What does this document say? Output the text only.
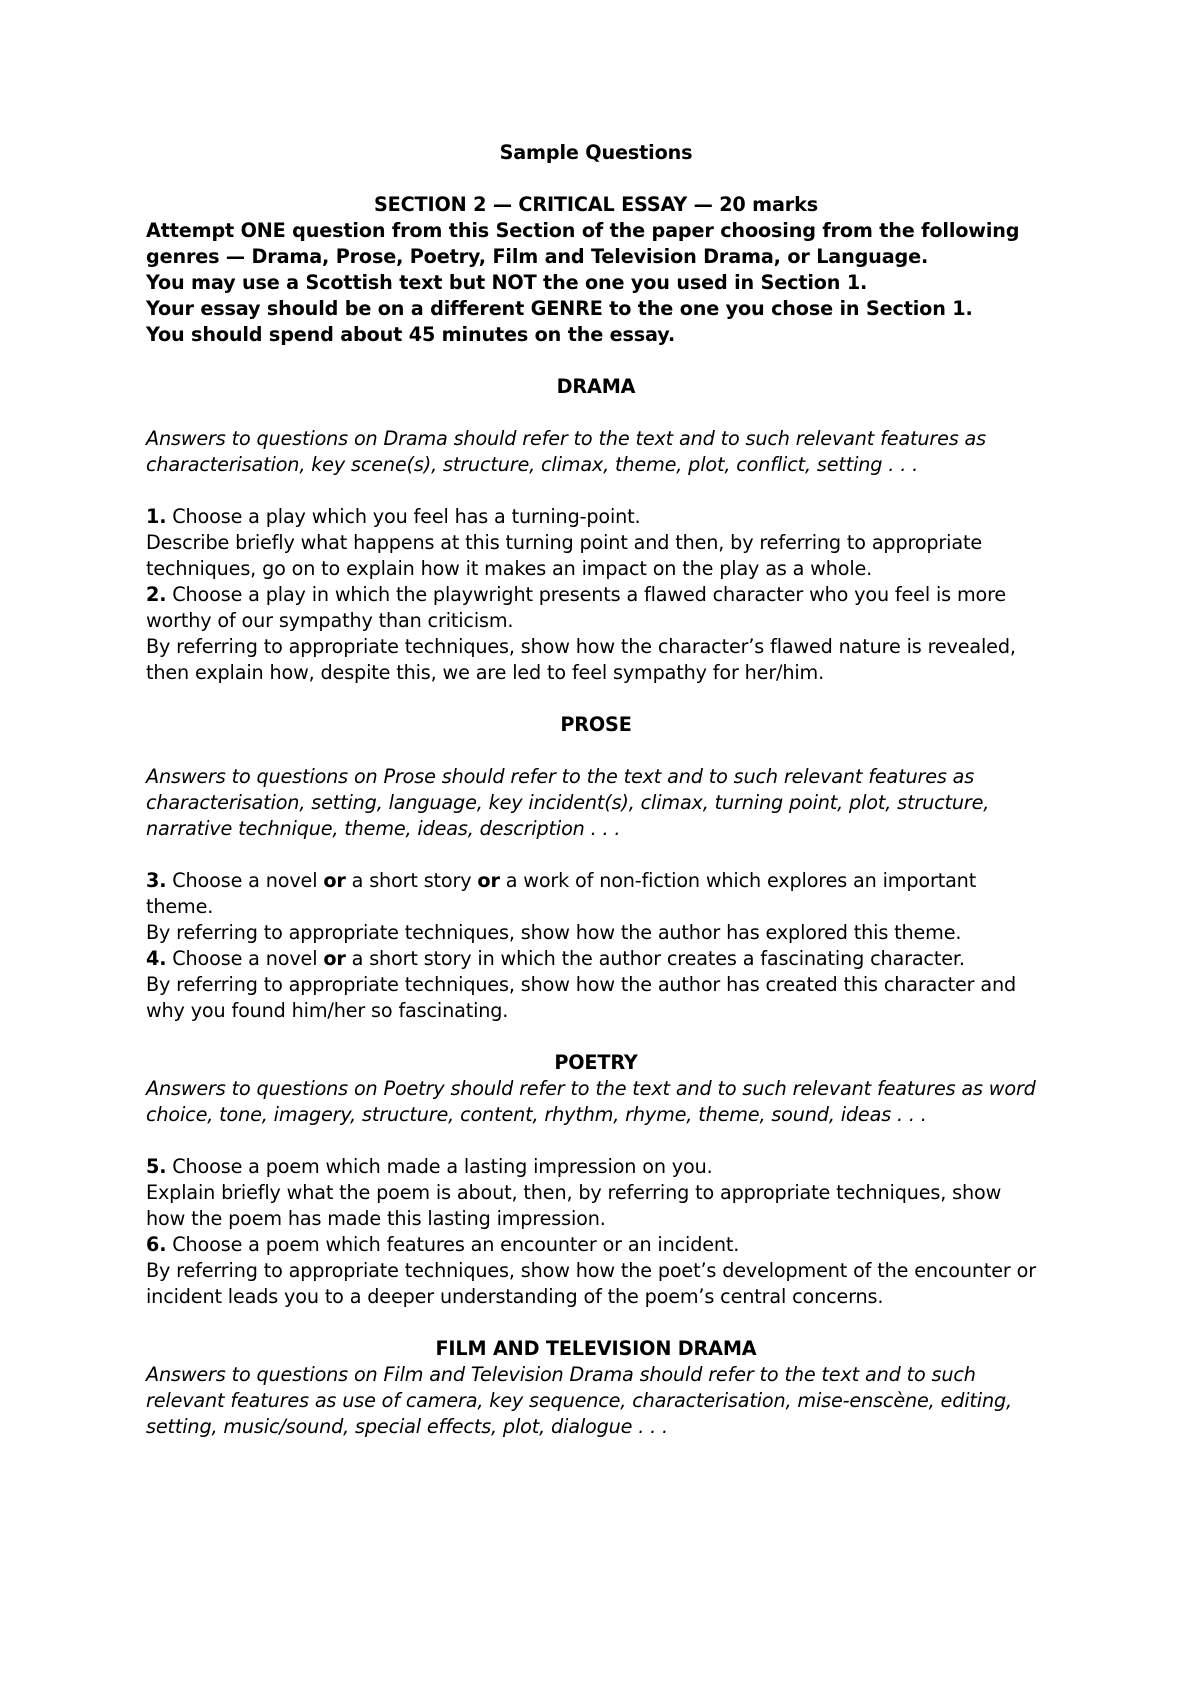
Sample Questions

SECTION 2 — CRITICAL ESSAY — 20 marks

Attempt ONE question from this Section of the paper choosing from the following

genres — Drama, Prose, Poetry, Film and Television Drama, or Language.

You may use a Scottish text but NOT the one you used in Section 1.

Your essay should be on a different GENRE to the one you chose in Section 1.

You should spend about 45 minutes on the essay.

DRAMA

Answers to questions on Drama should refer to the text and to such relevant features as characterisation, key scene(s), structure, climax, theme, plot, conflict, setting . . .

1. Choose a play which you feel has a turning-point.

Describe briefly what happens at this turning point and then, by referring to appropriate techniques, go on to explain how it makes an impact on the play as a whole.

2. Choose a play in which the playwright presents a flawed character who you feel is more worthy of our sympathy than criticism.

By referring to appropriate techniques, show how the character’s flawed nature is revealed, then explain how, despite this, we are led to feel sympathy for her/him.

PROSE

Answers to questions on Prose should refer to the text and to such relevant features as characterisation, setting, language, key incident(s), climax, turning point, plot, structure, narrative technique, theme, ideas, description . . .

3. Choose a novel or a short story or a work of non-fiction which explores an important theme.

By referring to appropriate techniques, show how the author has explored this theme.

4. Choose a novel or a short story in which the author creates a fascinating character.

By referring to appropriate techniques, show how the author has created this character and why you found him/her so fascinating.

POETRY

Answers to questions on Poetry should refer to the text and to such relevant features as word choice, tone, imagery, structure, content, rhythm, rhyme, theme, sound, ideas . . .

5. Choose a poem which made a lasting impression on you.

Explain briefly what the poem is about, then, by referring to appropriate techniques, show how the poem has made this lasting impression.

6. Choose a poem which features an encounter or an incident.

By referring to appropriate techniques, show how the poet’s development of the encounter or incident leads you to a deeper understanding of the poem’s central concerns.

FILM AND TELEVISION DRAMA

Answers to questions on Film and Television Drama should refer to the text and to such relevant features as use of camera, key sequence, characterisation, mise-enscène, editing, setting, music/sound, special effects, plot, dialogue . . .
